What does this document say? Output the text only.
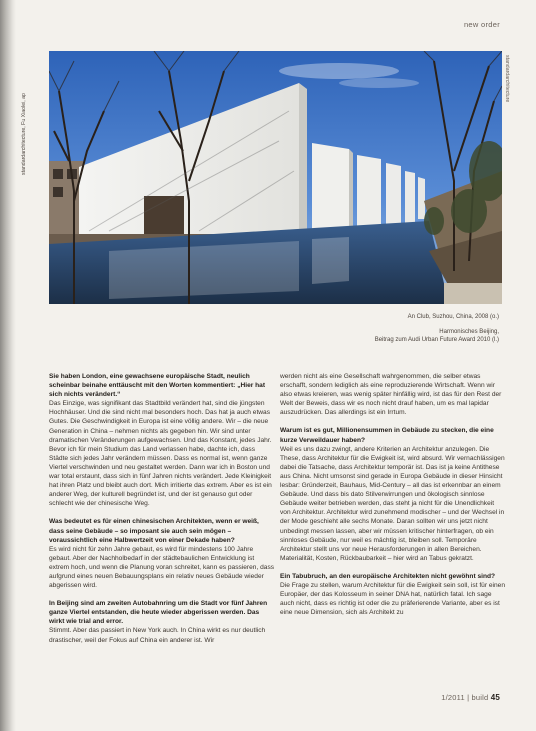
new order
standardarchitecture, Fu Xiaolei, ap
standardarchitecture
An Club, Suzhou, China, 2008 (o.)
Harmonisches Beijing,
Beitrag zum Audi Urban Future Award 2010 (l.)

Sie haben London, eine gewachsene europäische Stadt, neulich scheinbar beinahe enttäuscht mit den Worten kommentiert: „Hier hat sich nichts verändert.“

Das Einzige, was signifikant das Stadtbild verändert hat, sind die jüngsten Hochhäuser. Und die sind nicht mal besonders hoch. Das hat ja auch etwas Gutes. Die Geschwindigkeit in Europa ist eine völlig andere. Wir – die neue Generation in China – nehmen nichts als gegeben hin. Wir sind unter dramatischen Veränderungen aufgewachsen. Und das Konstant, jedes Jahr. Bevor ich für mein Studium das Land verlassen habe, dachte ich, dass Städte sich jedes Jahr verändern müssen. Dass es normal ist, wenn ganze Viertel verschwinden und neu gestaltet werden. Dann war ich in Boston und war total erstaunt, dass sich in fünf Jahren nichts verändert. Jede Kleinigkeit hat ihren Platz und bleibt auch dort. Mich irritierte das extrem. Aber es ist ein anderer Weg, der kulturell begründet ist, und der ist genauso gut oder schlecht wie der chinesische Weg.

Was bedeutet es für einen chinesischen Architekten, wenn er weiß, dass seine Gebäude – so imposant sie auch sein mögen – voraussichtlich eine Halbwertzeit von einer Dekade haben?

Es wird nicht für zehn Jahre gebaut, es wird für mindestens 100 Jahre gebaut. Aber der Nachholbedarf in der städtebaulichen Entwicklung ist extrem hoch, und wenn die Planung voran schreitet, kann es passieren, dass aufgrund eines neuen Bebauungsplans ein relativ neues Gebäude wieder abgerissen wird.

In Beijing sind am zweiten Autobahnring um die Stadt vor fünf Jahren ganze Viertel entstanden, die heute wieder abgerissen werden. Das wirkt wie trial and error.

Stimmt. Aber das passiert in New York auch. In China wirkt es nur deutlich drastischer, weil der Fokus auf China ein anderer ist. Wir

werden nicht als eine Gesellschaft wahrgenommen, die selber etwas erschafft, sondern lediglich als eine reproduzierende Wirtschaft. Wenn wir also etwas kreieren, was wenig später hinfällig wird, ist das für den Rest der Welt der Beweis, dass wir es noch nicht drauf haben, um es mal lapidar auszudrücken. Das allerdings ist ein Irrtum.

Warum ist es gut, Millionensummen in Gebäude zu stecken, die eine kurze Verweildauer haben?

Weil es uns dazu zwingt, andere Kriterien an Architektur anzulegen. Die These, dass Architektur für die Ewigkeit ist, wird absurd. Wir vernachlässigen dabei die Tatsache, dass Architektur temporär ist. Das ist ja keine Antithese aus China. Nicht umsonst sind gerade in Europa Gebäude in dieser Hinsicht lesbar: Gründerzeit, Bauhaus, Mid-Century – all das ist erkennbar an einem Gebäude. Und dass bis dato Stilverwirrungen und ökologisch sinnlose Gebäude weiter betrieben werden, das steht ja nicht für die Unendlichkeit von Architektur. Architektur wird zunehmend modischer – und der Wechsel in der Mode geschieht alle sechs Monate. Daran sollten wir uns jetzt nicht unbedingt messen lassen, aber wir müssen kritischer hinterfragen, ob ein sinnloses Gebäude, nur weil es mächtig ist, bleiben soll. Temporäre Architektur stellt uns vor neue Herausforderungen in allen Bereichen. Materialität, Kosten, Rückbaubarkeit – hier wird an Tabus gekratzt.

Ein Tabubruch, an den europäische Architekten nicht gewöhnt sind?

Die Frage zu stellen, warum Architektur für die Ewigkeit sein soll, ist für einen Europäer, der das Kolosseum in seiner DNA hat, natürlich fatal. Ich sage auch nicht, dass es richtig ist oder die zu präferierende Variante, aber es ist eine neue Dimension, sich als Architekt zu

1/2011 | build 45
